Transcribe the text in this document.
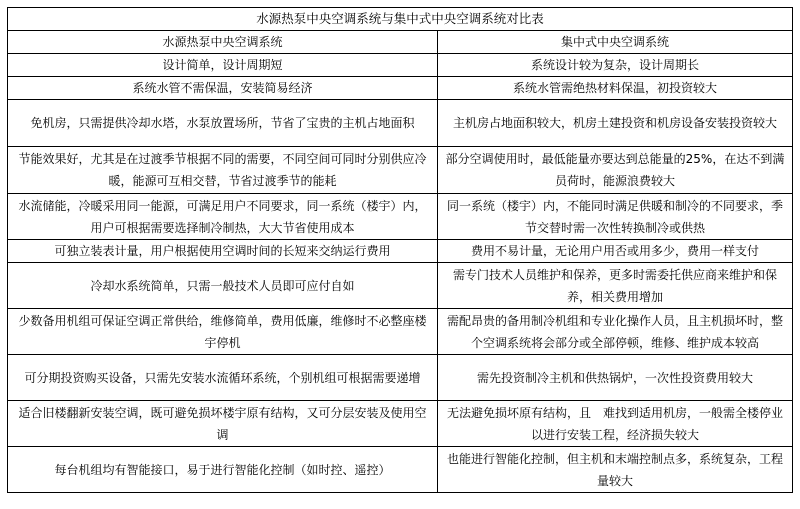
水源热泵中央空调系统与集中式中央空调系统对比表	
水源热泵中央空调系统	集中式中央空调系统
设计简单，设计周期短	系统设计较为复杂，设计周期长
系统水管不需保温，安装简易经济	系统水管需绝热材料保温，初投资较大
免机房，只需提供冷却水塔，水泵放置场所，节省了宝贵的主机占地面积	主机房占地面积较大，机房土建投资和机房设备安装投资较大
节能效果好，尤其是在过渡季节根据不同的需要，不同空间可同时分别供应冷暖，能源可互相交替，节省过渡季节的能耗	部分空调使用时，最低能量亦要达到总能量的25%，在达不到满员荷时，能源浪费较大
水流储能，冷暖采用同一能源，可满足用户不同要求，同一系统（楼宇）内，用户可根据需要选择制冷制热，大大节省使用成本	同一系统（楼宇）内，不能同时满足供暖和制冷的不同要求，季节交替时需一次性转换制冷或供热
可独立装表计量，用户根据使用空调时间的长短来交纳运行费用	费用不易计量，无论用户用否或用多少，费用一样支付
冷却水系统简单，只需一般技术人员即可应付自如	需专门技术人员维护和保养，更多时需委托供应商来维护和保养，相关费用增加
少数备用机组可保证空调正常供给，维修简单，费用低廉，维修时不必整座楼宇停机	需配昂贵的备用制冷机组和专业化操作人员，且主机损坏时，整个空调系统将会部分或全部停顿，维修、维护成本较高
可分期投资购买设备，只需先安装水流循环系统，个别机组可根据需要递增	需先投资制冷主机和供热锅炉，一次性投资费用较大
适合旧楼翻新安装空调，既可避免损坏楼宇原有结构，又可分层安装及使用空调	无法避免损坏原有结构，且　难找到适用机房，一般需全楼停业以进行安装工程，经济损失较大
每台机组均有智能接口，易于进行智能化控制（如时控、遥控）	也能进行智能化控制，但主机和末端控制点多，系统复杂，工程量较大
